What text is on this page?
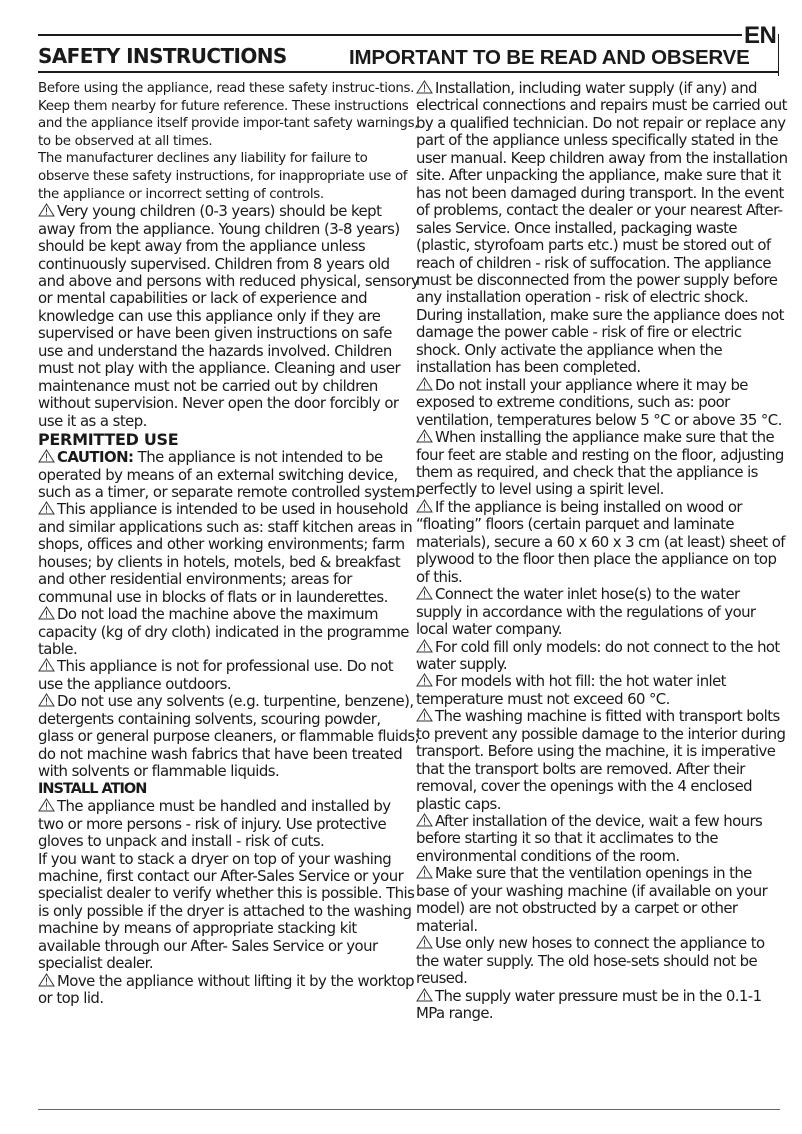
EN
SAFETY INSTRUCTIONS	IMPORTANT TO BE READ AND OBSERVE

Before using the appliance, read these safety instruc-tions. Keep them nearby for future reference. These instructions and the appliance itself provide impor-tant safety warnings, to be observed at all times.

The manufacturer declines any liability for failure to observe these safety instructions, for inappropriate use of the appliance or incorrect setting of controls.

Very young children (0-3 years) should be kept away from the appliance. Young children (3-8 years) should be kept away from the appliance unless continuously supervised. Children from 8 years old and above and persons with reduced physical, sensory or mental capabilities or lack of experience and knowledge can use this appliance only if they are supervised or have been given instructions on safe use and understand the hazards involved. Children must not play with the appliance. Cleaning and user maintenance must not be carried out by children without supervision. Never open the door forcibly or use it as a step.

PERMITTED USE

CAUTION: The appliance is not intended to be operated by means of an external switching device, such as a timer, or separate remote controlled system.

This appliance is intended to be used in household and similar applications such as: staff kitchen areas in shops, offices and other working environments; farm houses; by clients in hotels, motels, bed & breakfast and other residential environments; areas for communal use in blocks of flats or in launderettes.

Do not load the machine above the maximum capacity (kg of dry cloth) indicated in the programme table.

This appliance is not for professional use. Do not use the appliance outdoors.

Do not use any solvents (e.g. turpentine, benzene), detergents containing solvents, scouring powder, glass or general purpose cleaners, or flammable fluids; do not machine wash fabrics that have been treated with solvents or flammable liquids.

INSTALL ATION

The appliance must be handled and installed by two or more persons - risk of injury. Use protective gloves to unpack and install - risk of cuts.

If you want to stack a dryer on top of your washing machine, first contact our After-Sales Service or your specialist dealer to verify whether this is possible. This is only possible if the dryer is attached to the washing machine by means of appropriate stacking kit available through our After- Sales Service or your specialist dealer.

Move the appliance without lifting it by the worktop or top lid.

Installation, including water supply (if any) and electrical connections and repairs must be carried out by a qualified technician. Do not repair or replace any part of the appliance unless specifically stated in the user manual. Keep children away from the installation site. After unpacking the appliance, make sure that it has not been damaged during transport. In the event of problems, contact the dealer or your nearest After-sales Service. Once installed, packaging waste (plastic, styrofoam parts etc.) must be stored out of reach of children - risk of suffocation. The appliance must be disconnected from the power supply before any installation operation - risk of electric shock. During installation, make sure the appliance does not damage the power cable - risk of fire or electric shock. Only activate the appliance when the installation has been completed.

Do not install your appliance where it may be exposed to extreme conditions, such as: poor ventilation, temperatures below 5 °C or above 35 °C.

When installing the appliance make sure that the four feet are stable and resting on the floor, adjusting them as required, and check that the appliance is perfectly to level using a spirit level.

If the appliance is being installed on wood or “floating” floors (certain parquet and laminate materials), secure a 60 x 60 x 3 cm (at least) sheet of plywood to the floor then place the appliance on top of this.

Connect the water inlet hose(s) to the water supply in accordance with the regulations of your local water company.

For cold fill only models: do not connect to the hot water supply.

For models with hot fill: the hot water inlet temperature must not exceed 60 °C.

The washing machine is fitted with transport bolts to prevent any possible damage to the interior during transport. Before using the machine, it is imperative that the transport bolts are removed. After their removal, cover the openings with the 4 enclosed plastic caps.

After installation of the device, wait a few hours before starting it so that it acclimates to the environmental conditions of the room.

Make sure that the ventilation openings in the base of your washing machine (if available on your model) are not obstructed by a carpet or other material.

Use only new hoses to connect the appliance to the water supply. The old hose-sets should not be reused.

The supply water pressure must be in the 0.1-1 MPa range.
